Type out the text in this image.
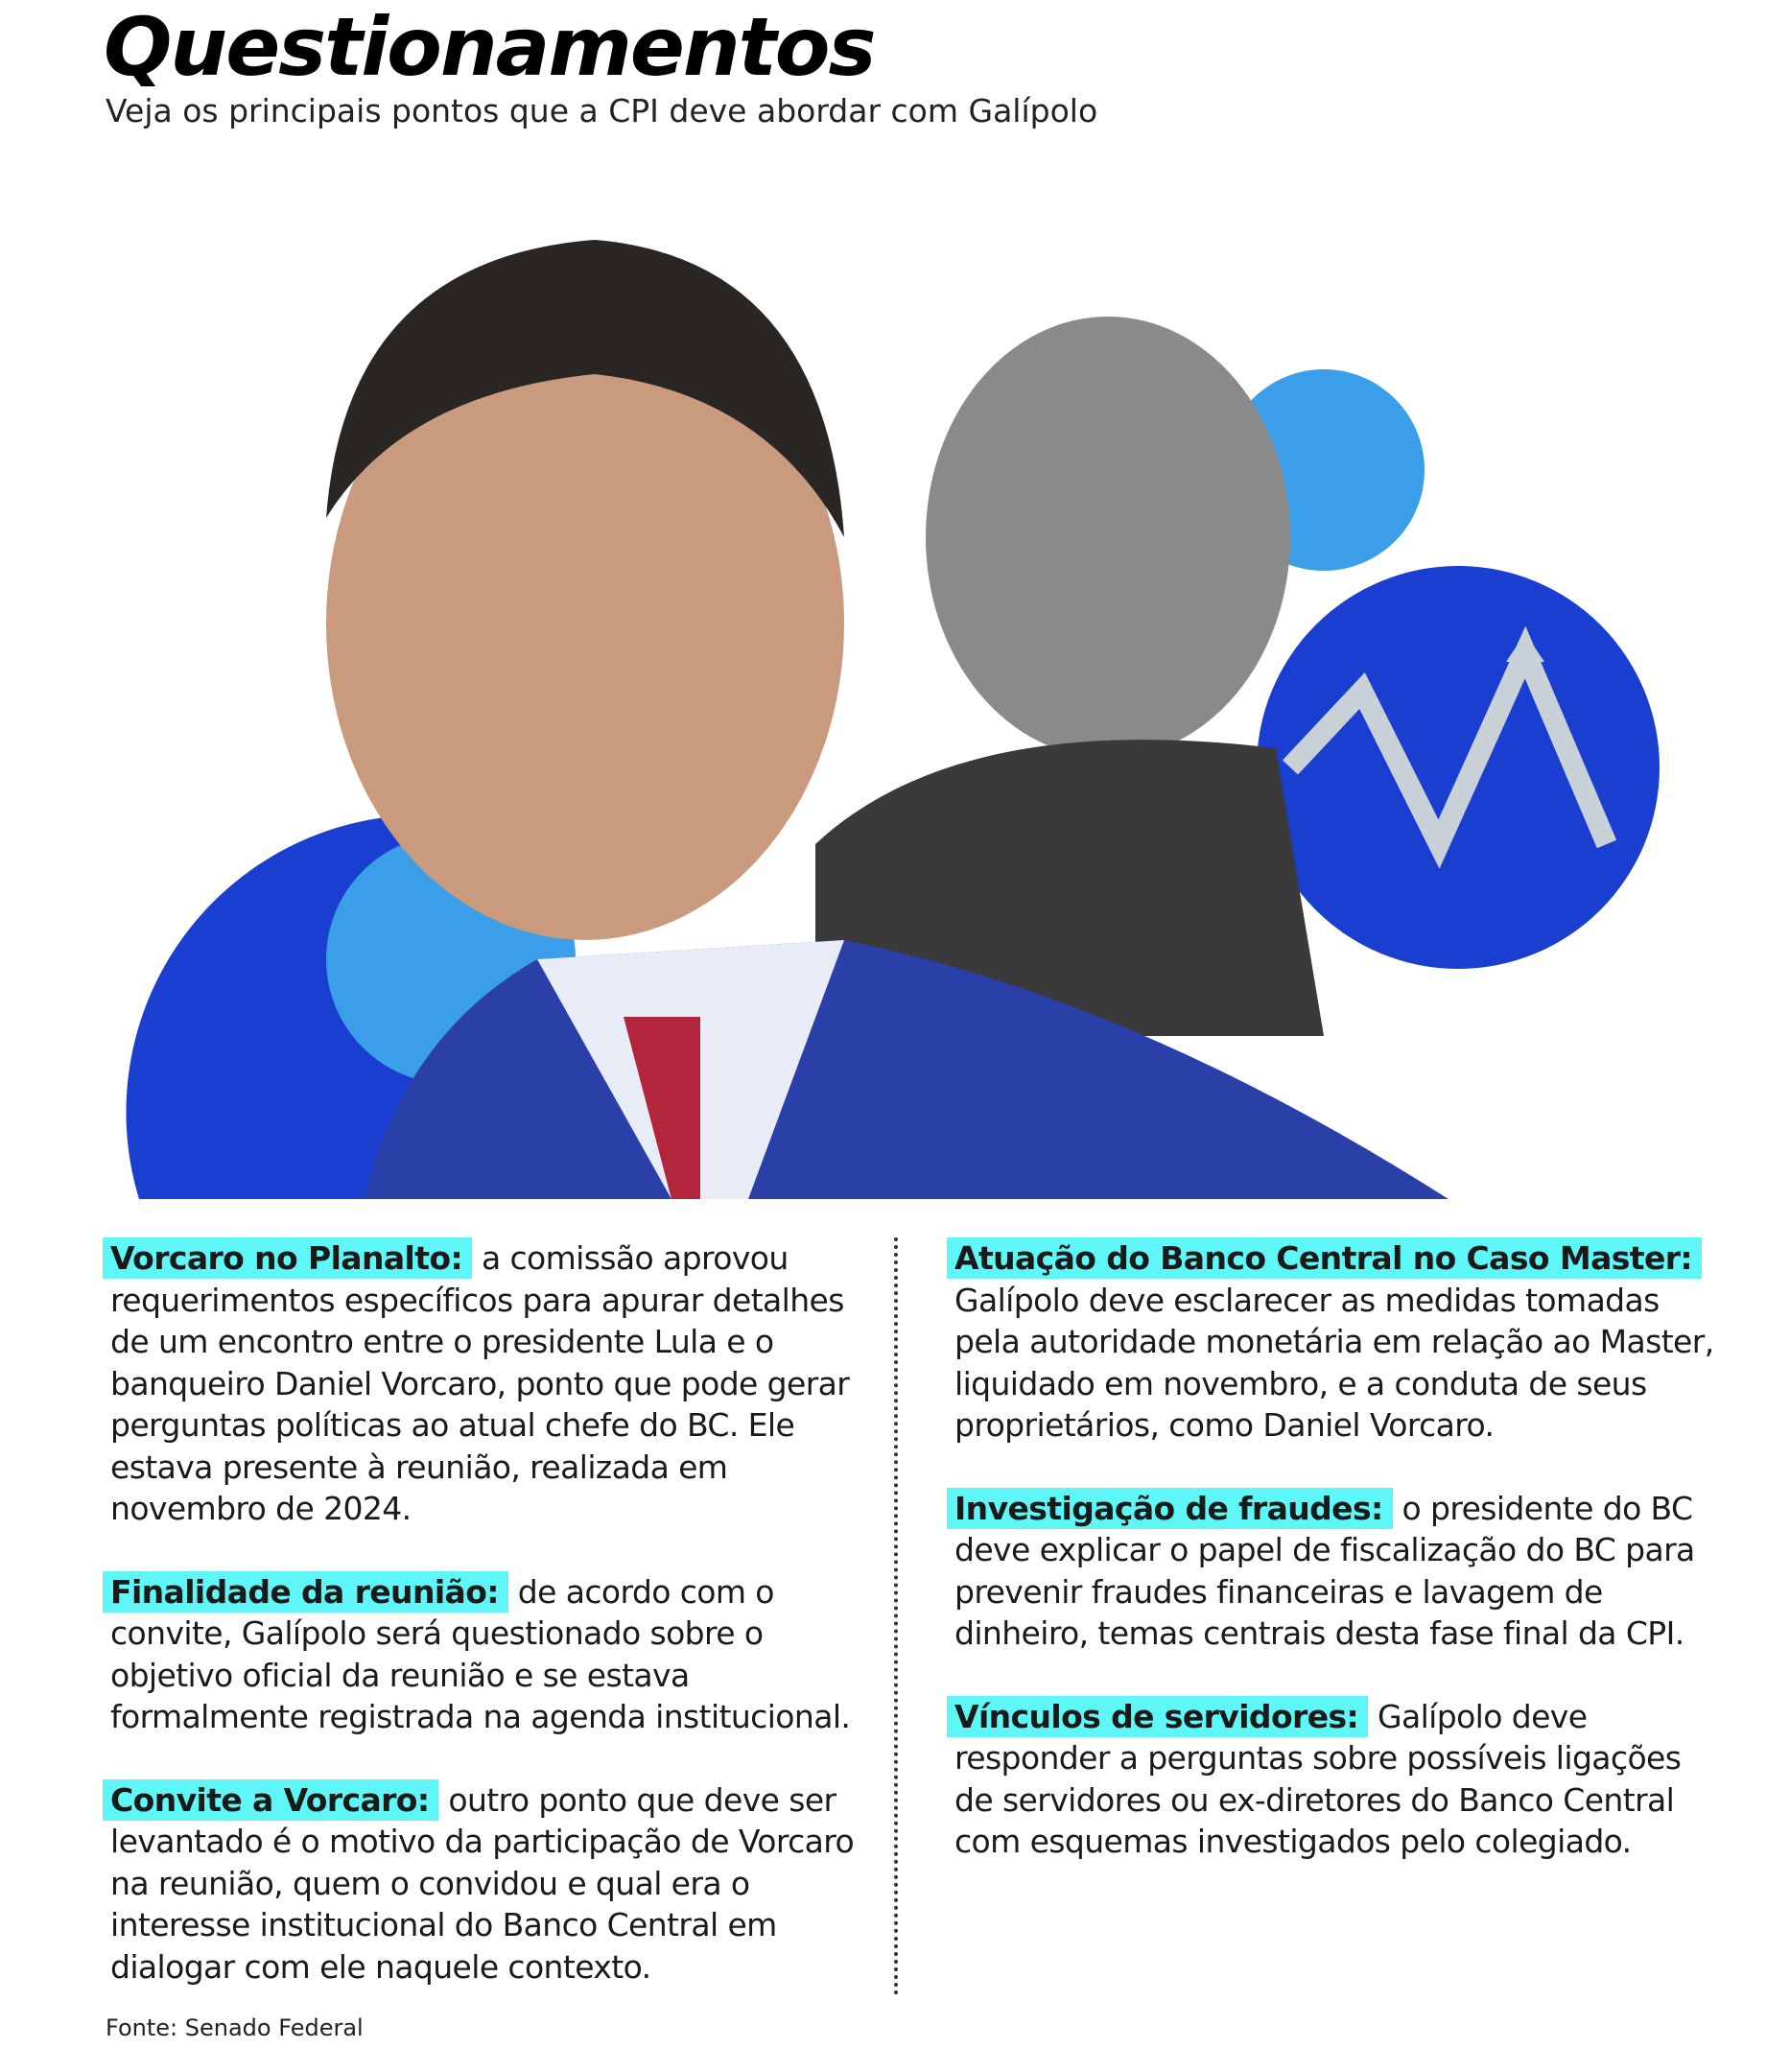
Questionamentos
Veja os principais pontos que a CPI deve abordar com Galípolo
Vorcaro no Planalto: a comissão aprovou requerimentos específicos para apurar detalhes de um encontro entre o presidente Lula e o banqueiro Daniel Vorcaro, ponto que pode gerar perguntas políticas ao atual chefe do BC. Ele estava presente à reunião, realizada em novembro de 2024.
Finalidade da reunião: de acordo com o convite, Galípolo será questionado sobre o objetivo oficial da reunião e se estava formalmente registrada na agenda institucional.
Convite a Vorcaro: outro ponto que deve ser levantado é o motivo da participação de Vorcaro na reunião, quem o convidou e qual era o interesse institucional do Banco Central em dialogar com ele naquele contexto.
Atuação do Banco Central no Caso Master:
Galípolo deve esclarecer as medidas tomadas pela autoridade monetária em relação ao Master, liquidado em novembro, e a conduta de seus proprietários, como Daniel Vorcaro.
Investigação de fraudes: o presidente do BC deve explicar o papel de fiscalização do BC para prevenir fraudes financeiras e lavagem de dinheiro, temas centrais desta fase final da CPI.
Vínculos de servidores: Galípolo deve responder a perguntas sobre possíveis ligações de servidores ou ex-diretores do Banco Central com esquemas investigados pelo colegiado.
Fonte: Senado Federal
